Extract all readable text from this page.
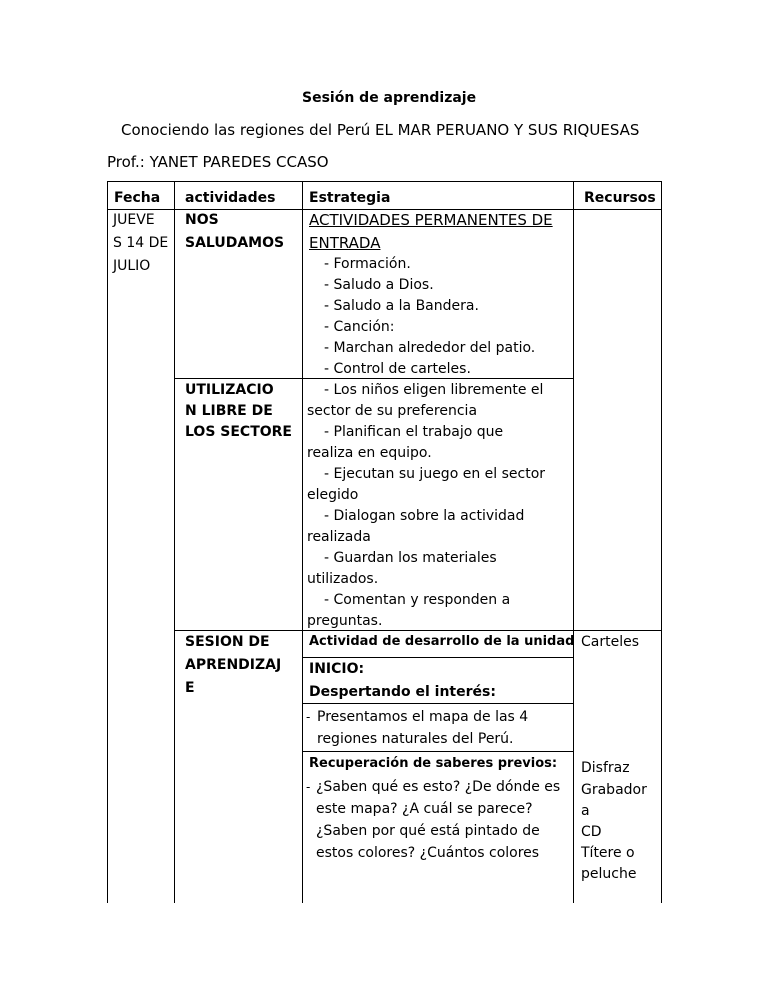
Sesión de aprendizaje
Conociendo las regiones del Perú EL MAR PERUANO Y SUS RIQUESAS
Prof.: YANET PAREDES CCASO
Fecha actividades Estrategia	Recursos
JUEVE
S 14 DE
JULIO
NOS
SALUDAMOS
ACTIVIDADES PERMANENTES DE
ENTRADA
- Formación.
- Saludo a Dios.
- Saludo a la Bandera.
- Canción:
- Marchan alrededor del patio.
- Control de carteles.
UTILIZACIO
N LIBRE DE
LOS SECTORE
- Los niños eligen libremente el
sector de su preferencia
- Planifican el trabajo que
realiza en equipo.
- Ejecutan su juego en el sector
elegido
- Dialogan sobre la actividad
realizada
- Guardan los materiales
utilizados.
- Comentan y responden a
preguntas.
SESION DE
APRENDIZAJ
E
Actividad de desarrollo de la unidad
INICIO:
Despertando el interés:
- Presentamos el mapa de las 4
regiones naturales del Perú.
Recuperación de saberes previos:
- ¿Saben qué es esto? ¿De dónde es
este mapa? ¿A cuál se parece?
¿Saben por qué está pintado de
estos colores? ¿Cuántos colores
Carteles
Disfraz
Grabador
a
CD
Títere o
peluche
